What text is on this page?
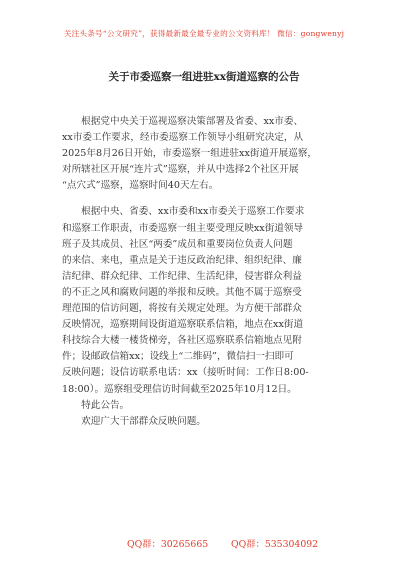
关注头条号“公文研究”，获得最新最全最专业的公文资料库！ 微信：gongwenyj
关于市委巡察一组进驻xx街道巡察的公告
　　根据党中央关于巡视巡察决策部署及省委、xx市委、
xx市委工作要求，经市委巡察工作领导小组研究决定，从
2025年8月26日开始，市委巡察一组进驻xx街道开展巡察，
对所辖社区开展“连片式”巡察，并从中选择2个社区开展
“点穴式”巡察，巡察时间40天左右。
　　根据中央、省委、xx市委和xx市委关于巡察工作要求
和巡察工作职责，市委巡察一组主要受理反映xx街道领导
班子及其成员、社区“两委”成员和重要岗位负责人问题
的来信、来电，重点是关于违反政治纪律、组织纪律、廉
洁纪律、群众纪律、工作纪律、生活纪律，侵害群众利益
的不正之风和腐败问题的举报和反映。其他不属于巡察受
理范围的信访问题，将按有关规定处理。为方便干部群众
反映情况，巡察期间设街道巡察联系信箱，地点在xx街道
科技综合大楼一楼货梯旁，各社区巡察联系信箱地点见附
件；设邮政信箱xx；设线上“二维码”，微信扫一扫即可
反映问题；设信访联系电话：xx（接听时间：工作日8:00-
18:00）。巡察组受理信访时间截至2025年10月12日。
　　特此公告。
　　欢迎广大干部群众反映问题。
QQ群：30265665 QQ群：535304092
